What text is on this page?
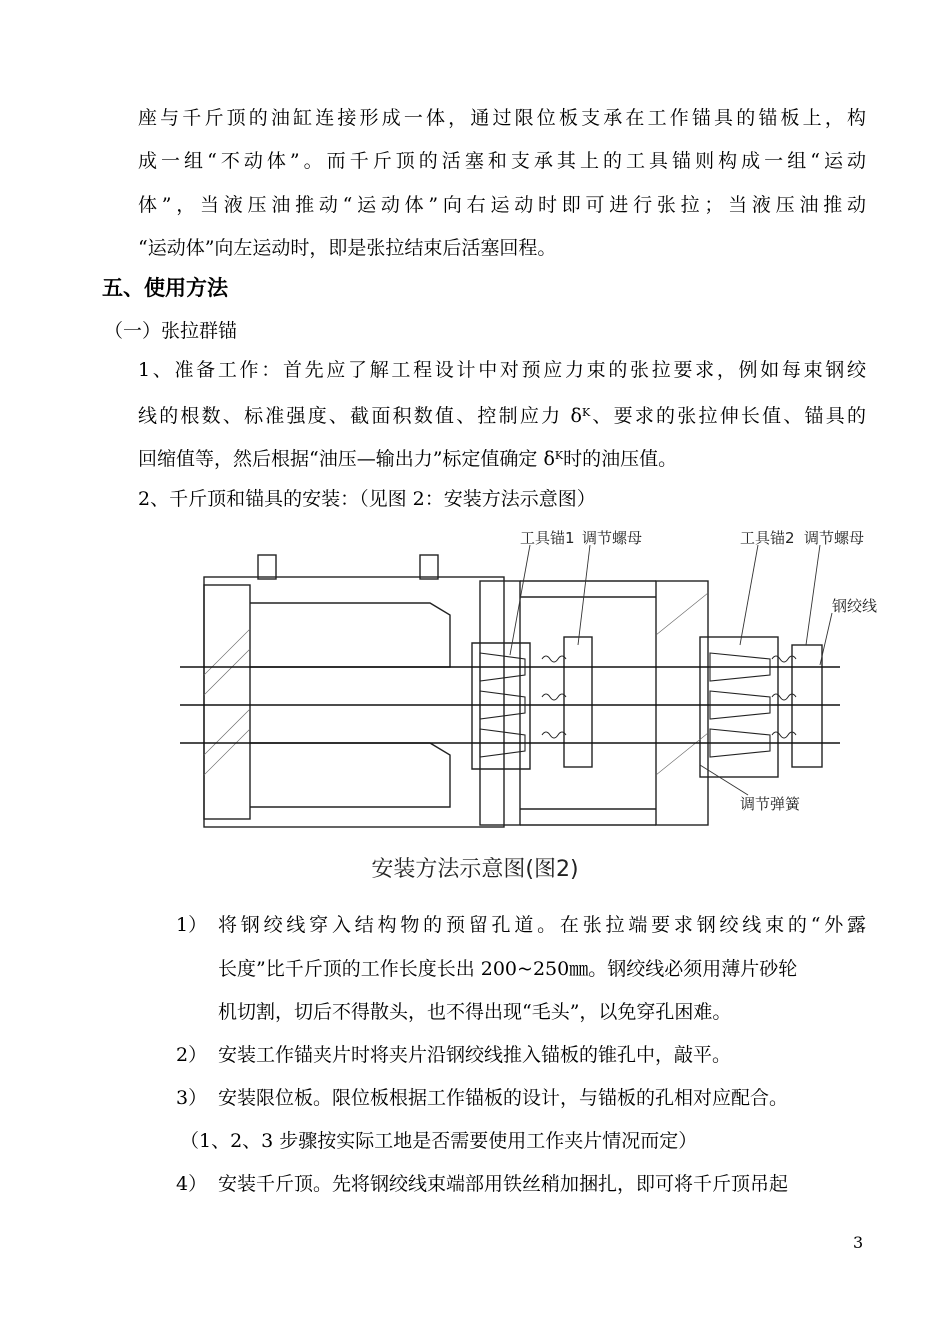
座与千斤顶的油缸连接形成一体，通过限位板支承在工作锚具的锚板上，构
成一组“不动体”。而千斤顶的活塞和支承其上的工具锚则构成一组“运动
体”，当液压油推动“运动体”向右运动时即可进行张拉；当液压油推动
“运动体”向左运动时，即是张拉结束后活塞回程。
五、使用方法
（一）张拉群锚
1、准备工作：首先应了解工程设计中对预应力束的张拉要求，例如每束钢绞
线的根数、标准强度、截面积数值、控制应力 $\delta^K$、要求的张拉伸长值、锚具的
回缩值等，然后根据“油压—输出力”标定值确定 $\delta^K$时的油压值。
2、千斤顶和锚具的安装：（见图 2：安装方法示意图）
工具锚1 调节螺母	工具锚2 调节螺母
钢绞线
调节弹簧
安装方法示意图(图2)
1） 将钢绞线穿入结构物的预留孔道。在张拉端要求钢绞线束的“外露
长度”比千斤顶的工作长度长出 200~250㎜。钢绞线必须用薄片砂轮
机切割，切后不得散头，也不得出现“毛头”，以免穿孔困难。
2） 安装工作锚夹片时将夹片沿钢绞线推入锚板的锥孔中，敲平。
3） 安装限位板。限位板根据工作锚板的设计，与锚板的孔相对应配合。
（1、2、3 步骤按实际工地是否需要使用工作夹片情况而定）
4） 安装千斤顶。先将钢绞线束端部用铁丝稍加捆扎，即可将千斤顶吊起
3
